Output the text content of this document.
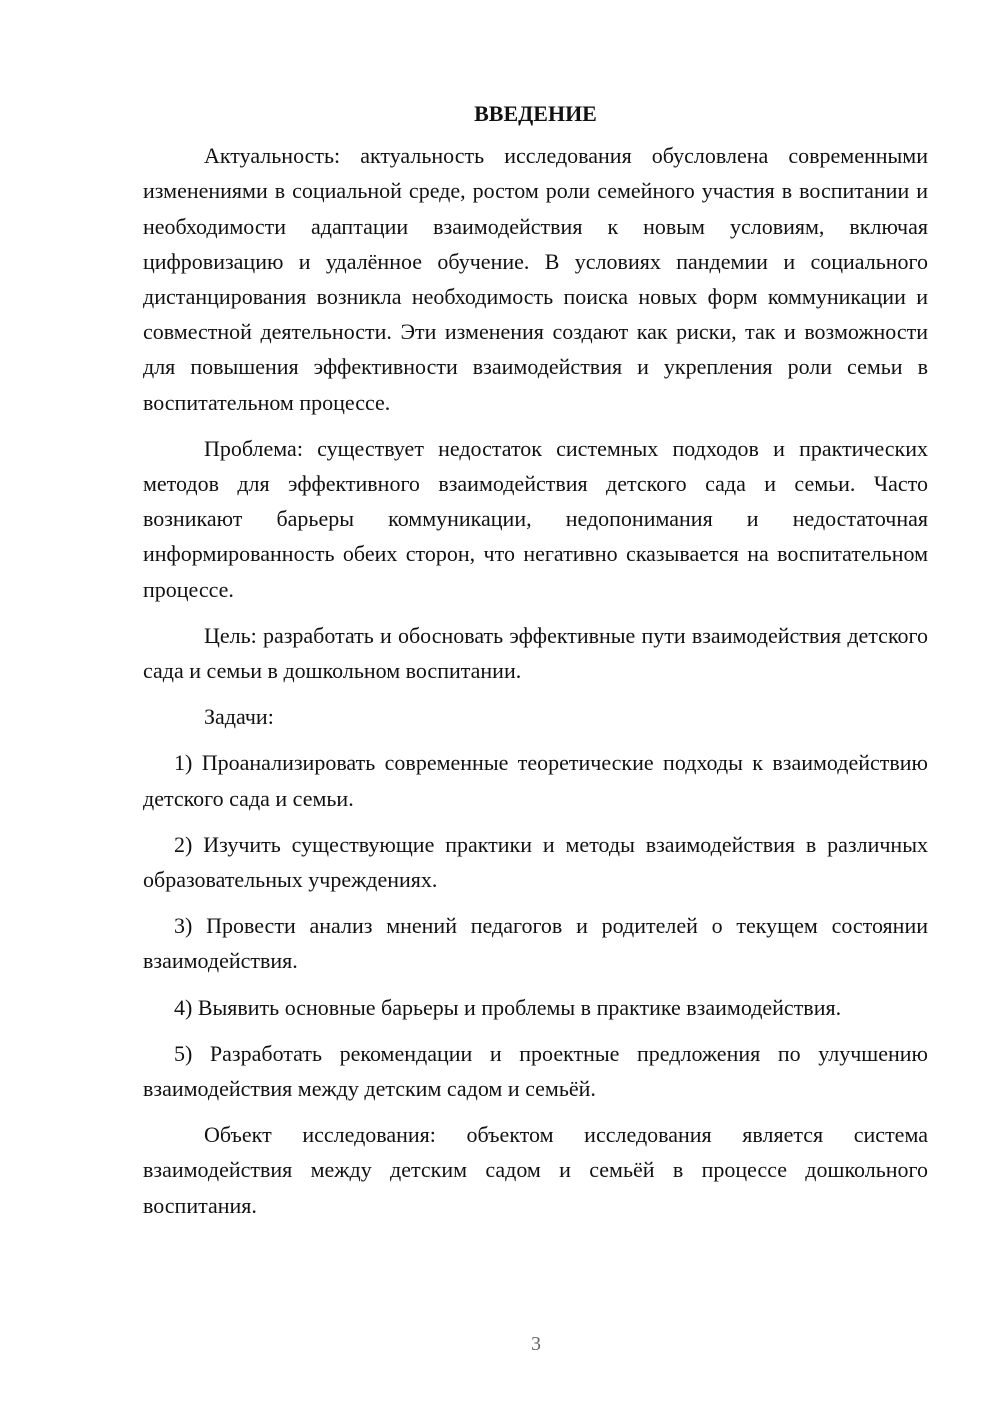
ВВЕДЕНИЕ

Актуальность: актуальность исследования обусловлена современными изменениями в социальной среде, ростом роли семейного участия в воспитании и необходимости адаптации взаимодействия к новым условиям, включая цифровизацию и удалённое обучение. В условиях пандемии и социального дистанцирования возникла необходимость поиска новых форм коммуникации и совместной деятельности. Эти изменения создают как риски, так и возможности для повышения эффективности взаимодействия и укрепления роли семьи в воспитательном процессе.

Проблема: существует недостаток системных подходов и практических методов для эффективного взаимодействия детского сада и семьи. Часто возникают барьеры коммуникации, недопонимания и недостаточная информированность обеих сторон, что негативно сказывается на воспитательном процессе.

Цель: разработать и обосновать эффективные пути взаимодействия детского сада и семьи в дошкольном воспитании.

Задачи:

1) Проанализировать современные теоретические подходы к взаимодействию детского сада и семьи.

2) Изучить существующие практики и методы взаимодействия в различных образовательных учреждениях.

3) Провести анализ мнений педагогов и родителей о текущем состоянии взаимодействия.

4) Выявить основные барьеры и проблемы в практике взаимодействия.

5) Разработать рекомендации и проектные предложения по улучшению взаимодействия между детским садом и семьёй.

Объект исследования: объектом исследования является система взаимодействия между детским садом и семьёй в процессе дошкольного воспитания.

3
